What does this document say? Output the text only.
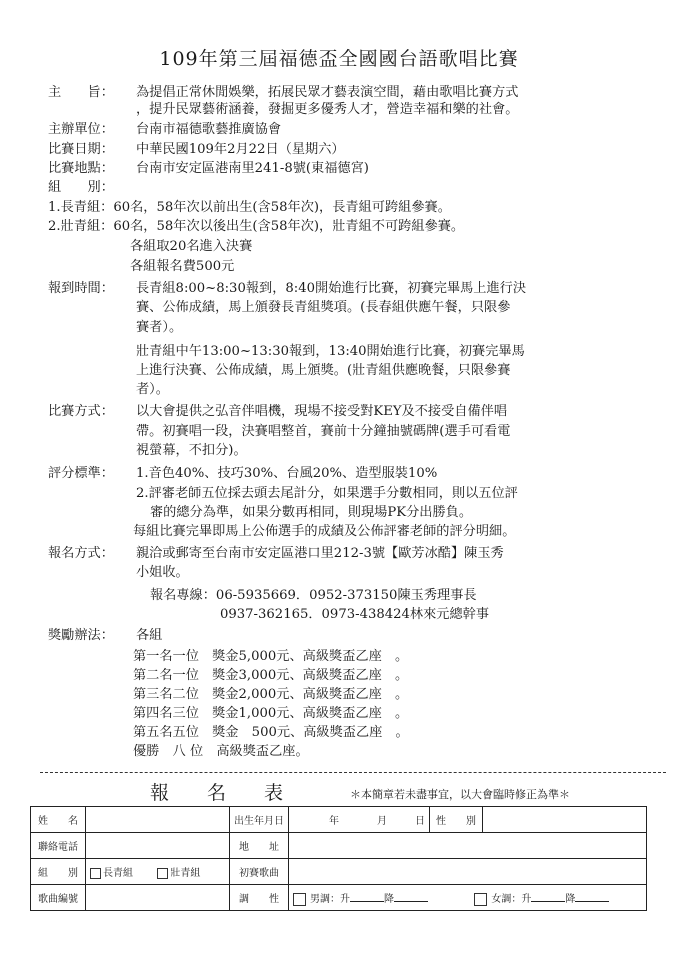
109年第三屆福德盃全國國台語歌唱比賽
主　　旨： 為提倡正常休閒娛樂，拓展民眾才藝表演空間，藉由歌唱比賽方式
，提升民眾藝術涵養，發掘更多優秀人才，營造幸福和樂的社會。
主辦單位： 台南市福德歌藝推廣協會
比賽日期： 中華民國109年2月22日（星期六）
比賽地點： 台南市安定區港南里241-8號(東福德宮)
組　　別：
1.長青組：60名，58年次以前出生(含58年次)，長青組可跨組參賽。
2.壯青組：60名，58年次以後出生(含58年次)，壯青組不可跨組參賽。
各組取20名進入決賽
各組報名費500元
報到時間： 長青組8:00~8:30報到，8:40開始進行比賽，初賽完畢馬上進行決
賽、公佈成績，馬上頒發長青組獎項。(長春組供應午餐，只限參
賽者）。
壯青組中午13:00~13:30報到，13:40開始進行比賽，初賽完畢馬
上進行決賽、公佈成績，馬上頒獎。(壯青組供應晚餐，只限參賽
者）。
比賽方式： 以大會提供之弘音伴唱機，現場不接受對KEY及不接受自備伴唱
帶。初賽唱一段，決賽唱整首，賽前十分鐘抽號碼牌(選手可看電
視螢幕，不扣分)。
評分標準： 1.音色40%、技巧30%、台風20%、造型服裝10%
2.評審老師五位採去頭去尾計分，如果選手分數相同，則以五位評
審的總分為準，如果分數再相同，則現場PK分出勝負。
每組比賽完畢即馬上公佈選手的成績及公佈評審老師的評分明細。
報名方式： 親洽或郵寄至台南市安定區港口里212-3號【歐芳冰酷】陳玉秀
小姐收。
報名專線：06-5935669．0952-373150陳玉秀理事長
0937-362165．0973-438424林來元總幹事
獎勵辦法： 各組
第一名一位　獎金5,000元、高級獎盃乙座　。
第二名一位　獎金3,000元、高級獎盃乙座　。
第三名二位　獎金2,000元、高級獎盃乙座　。
第四名三位　獎金1,000元、高級獎盃乙座　。
第五名五位　獎金　500元、高級獎盃乙座　。
優勝　八 位　高級獎盃乙座。
報　　名　　表	＊本簡章若未盡事宜，以大會臨時修正為準＊
姓　　名		出生年月日	年 月 日	性　　別	
聯絡電話		地　　址			
組　　別	長青組 壯青組	初賽歌曲			
歌曲編號		調　　性	男調：升 降 女調：升 降		
